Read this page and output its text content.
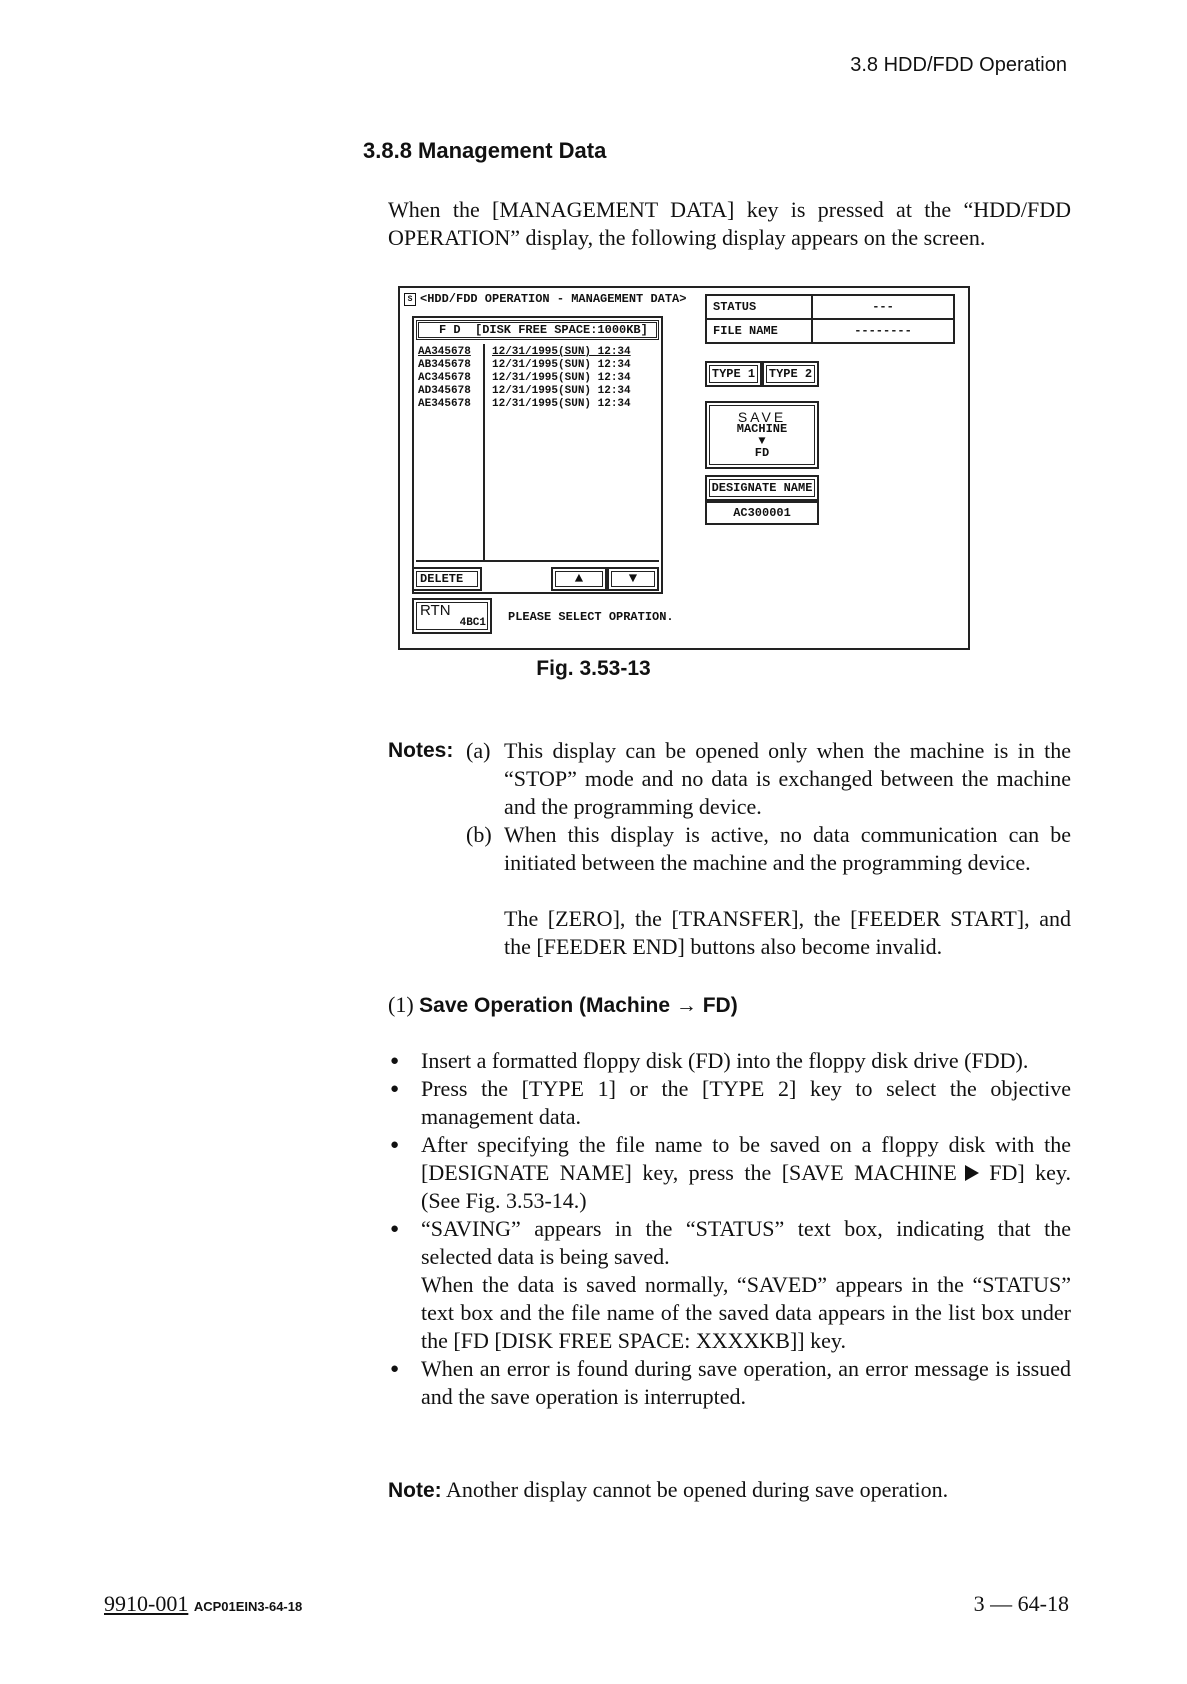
3.8 HDD/FDD Operation
3.8.8 Management Data
When the [MANAGEMENT DATA] key is pressed at the “HDD/FDD OPERATION” display, the following display appears on the screen.
S <HDD/FDD OPERATION - MANAGEMENT DATA>
F D  [DISK FREE SPACE:1000KB]
AA345678	12/31/1995(SUN) 12:34
AB345678	12/31/1995(SUN) 12:34
AC345678	12/31/1995(SUN) 12:34
AD345678	12/31/1995(SUN) 12:34
AE345678	12/31/1995(SUN) 12:34
DELETE	▲	▼
RTN
4BC1 PLEASE SELECT OPRATION.
STATUS	---
FILE NAME	--------
TYPE 1	TYPE 2
SAVE
MACHINE
▼
FD
DESIGNATE NAME
AC300001
Fig. 3.53-13
Notes: (a) This display can be opened only when the machine is in the “STOP” mode and no data is exchanged between the machine and the programming device.
(b) When this display is active, no data communication can be initiated between the machine and the programming device.
The [ZERO], the [TRANSFER], the [FEEDER START], and the [FEEDER END] buttons also become invalid.
(1) Save Operation (Machine → FD)
● Insert a formatted floppy disk (FD) into the floppy disk drive (FDD).
● Press the [TYPE 1] or the [TYPE 2] key to select the objective management data.
● After specifying the file name to be saved on a floppy disk with the [DESIGNATE NAME] key, press the [SAVE MACHINE FD] key. (See Fig. 3.53-14.)
● “SAVING” appears in the “STATUS” text box, indicating that the selected data is being saved.
When the data is saved normally, “SAVED” appears in the “STATUS” text box and the file name of the saved data appears in the list box under the [FD [DISK FREE SPACE: XXXXKB]] key.
● When an error is found during save operation, an error message is issued and the save operation is interrupted.
Note: Another display cannot be opened during save operation.
9910-001 ACP01EIN3-64-18	3 — 64-18
